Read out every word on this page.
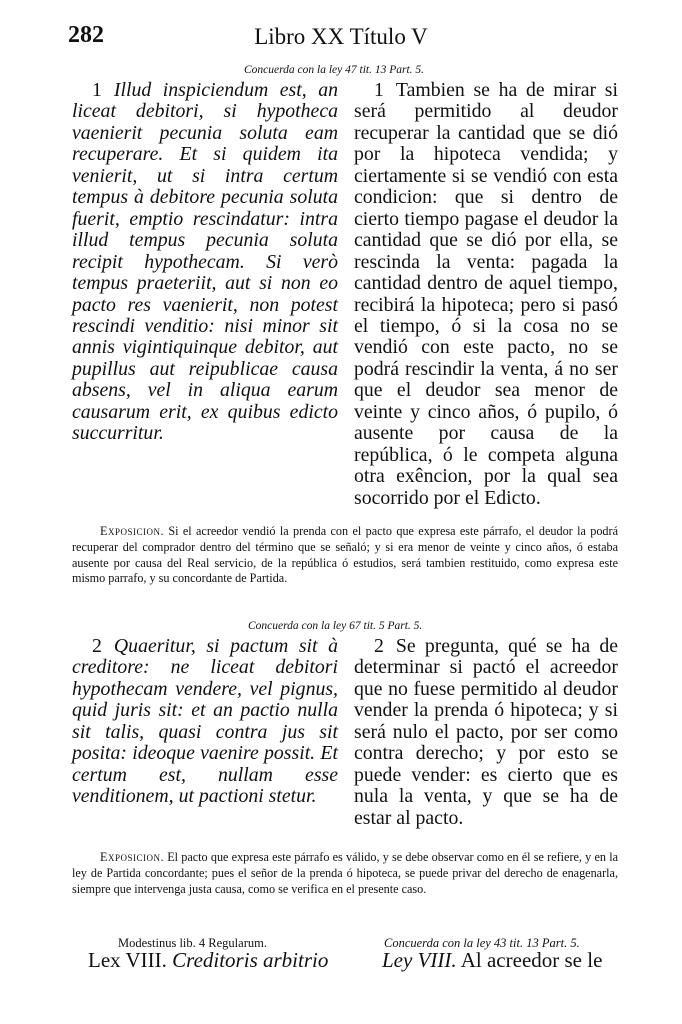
282	Libro XX Título V
Concuerda con la ley 47 tit. 13 Part. 5.

1 Illud inspiciendum est, an liceat debitori, si hypotheca vaenierit pecunia soluta eam recuperare. Et si quidem ita venierit, ut si intra certum tempus à debitore pecunia soluta fuerit, emptio rescindatur: intra illud tempus pecunia soluta recipit hypothecam. Si verò tempus praeteriit, aut si non eo pacto res vaenierit, non potest rescindi venditio: nisi minor sit annis vigintiquinque debitor, aut pupillus aut reipublicae causa absens, vel in aliqua earum causarum erit, ex quibus edicto succurritur.

1 Tambien se ha de mirar si será permitido al deudor recuperar la cantidad que se dió por la hipoteca vendida; y ciertamente si se vendió con esta condicion: que si dentro de cierto tiempo pagase el deudor la cantidad que se dió por ella, se rescinda la venta: pagada la cantidad dentro de aquel tiempo, recibirá la hipoteca; pero si pasó el tiempo, ó si la cosa no se vendió con este pacto, no se podrá rescindir la venta, á no ser que el deudor sea menor de veinte y cinco años, ó pupilo, ó ausente por causa de la república, ó le competa alguna otra exêncion, por la qual sea socorrido por el Edicto.

Exposicion. Si el acreedor vendió la prenda con el pacto que expresa este párrafo, el deudor la podrá recuperar del comprador dentro del término que se señaló; y si era menor de veinte y cinco años, ó estaba ausente por causa del Real servicio, de la república ó estudios, será tambien restituido, como expresa este mismo parrafo, y su concordante de Partida.

Concuerda con la ley 67 tit. 5 Part. 5.

2 Quaeritur, si pactum sit à creditore: ne liceat debitori hypothecam vendere, vel pignus, quid juris sit: et an pactio nulla sit talis, quasi contra jus sit posita: ideoque vaenire possit. Et certum est, nullam esse venditionem, ut pactioni stetur.

2 Se pregunta, qué se ha de determinar si pactó el acreedor que no fuese permitido al deudor vender la prenda ó hipoteca; y si será nulo el pacto, por ser como contra derecho; y por esto se puede vender: es cierto que es nula la venta, y que se ha de estar al pacto.

Exposicion. El pacto que expresa este párrafo es válido, y se debe observar como en él se refiere, y en la ley de Partida concordante; pues el señor de la prenda ó hipoteca, se puede privar del derecho de enagenarla, siempre que intervenga justa causa, como se verifica en el presente caso.

Modestinus lib. 4 Regularum.	Concuerda con la ley 43 tit. 13 Part. 5.
Lex VIII. Creditoris arbitrio	Ley VIII. Al acreedor se le
